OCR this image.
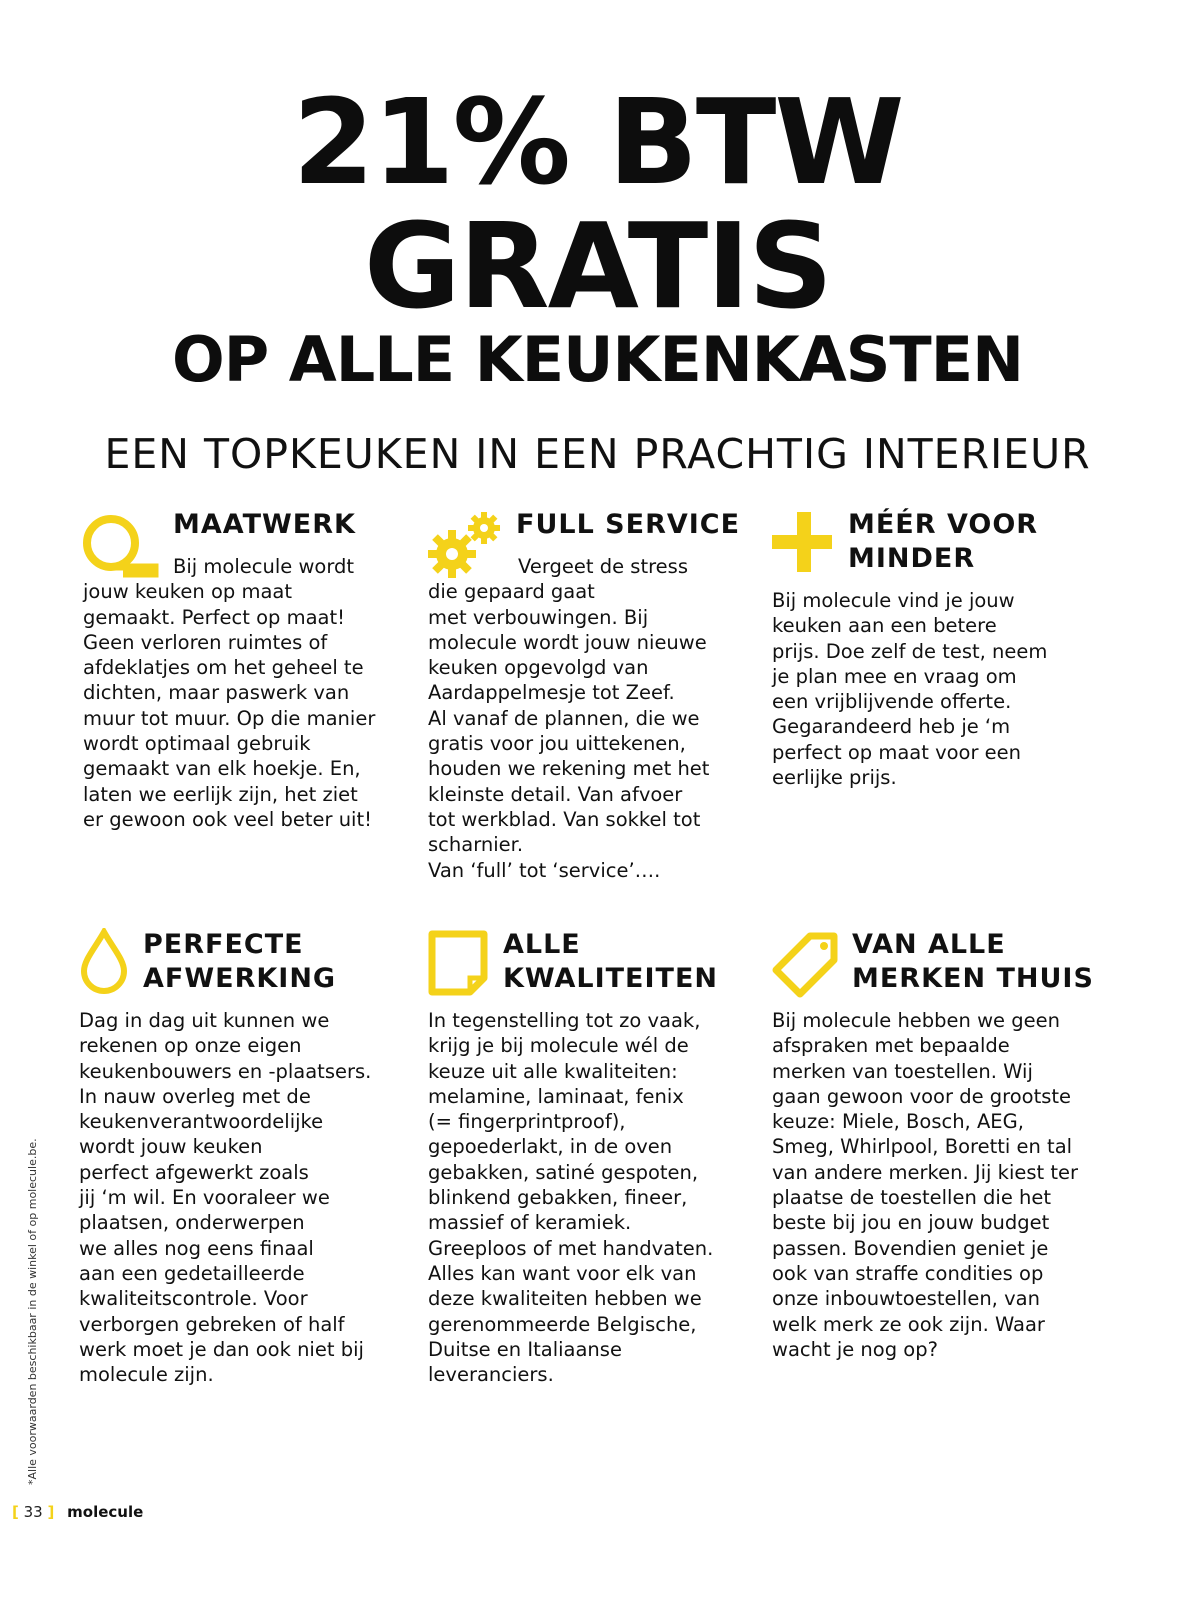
21% BTW
GRATIS
OP ALLE KEUKENKASTEN
EEN TOPKEUKEN IN EEN PRACHTIG INTERIEUR

MAATWERK

Bij molecule wordt
jouw keuken op maat
gemaakt. Perfect op maat!
Geen verloren ruimtes of
afdeklatjes om het geheel te
dichten, maar paswerk van
muur tot muur. Op die manier
wordt optimaal gebruik
gemaakt van elk hoekje. En,
laten we eerlijk zijn, het ziet
er gewoon ook veel beter uit!

FULL SERVICE

Vergeet de stress
die gepaard gaat
met verbouwingen. Bij
molecule wordt jouw nieuwe
keuken opgevolgd van
Aardappelmesje tot Zeef.
Al vanaf de plannen, die we
gratis voor jou uittekenen,
houden we rekening met het
kleinste detail. Van afvoer
tot werkblad. Van sokkel tot
scharnier.
Van ‘full’ tot ‘service’….

MÉÉR VOOR
MINDER

Bij molecule vind je jouw
keuken aan een betere
prijs. Doe zelf de test, neem
je plan mee en vraag om
een vrijblijvende offerte.
Gegarandeerd heb je ‘m
perfect op maat voor een
eerlijke prijs.

PERFECTE
AFWERKING

Dag in dag uit kunnen we
rekenen op onze eigen
keukenbouwers en -plaatsers.
In nauw overleg met de
keukenverantwoordelijke
wordt jouw keuken
perfect afgewerkt zoals
jij ‘m wil. En vooraleer we
plaatsen, onderwerpen
we alles nog eens finaal
aan een gedetailleerde
kwaliteitscontrole. Voor
verborgen gebreken of half
werk moet je dan ook niet bij
molecule zijn.

ALLE
KWALITEITEN

In tegenstelling tot zo vaak,
krijg je bij molecule wél de
keuze uit alle kwaliteiten:
melamine, laminaat, fenix
(= fingerprintproof),
gepoederlakt, in de oven
gebakken, satiné gespoten,
blinkend gebakken, fineer,
massief of keramiek.
Greeploos of met handvaten.
Alles kan want voor elk van
deze kwaliteiten hebben we
gerenommeerde Belgische,
Duitse en Italiaanse
leveranciers.

VAN ALLE
MERKEN THUIS

Bij molecule hebben we geen
afspraken met bepaalde
merken van toestellen. Wij
gaan gewoon voor de grootste
keuze: Miele, Bosch, AEG,
Smeg, Whirlpool, Boretti en tal
van andere merken. Jij kiest ter
plaatse de toestellen die het
beste bij jou en jouw budget
passen. Bovendien geniet je
ook van straffe condities op
onze inbouwtoestellen, van
welk merk ze ook zijn. Waar
wacht je nog op?

*Alle voorwaarden beschikbaar in de winkel of op molecule.be.
[ 33 ] molecule
